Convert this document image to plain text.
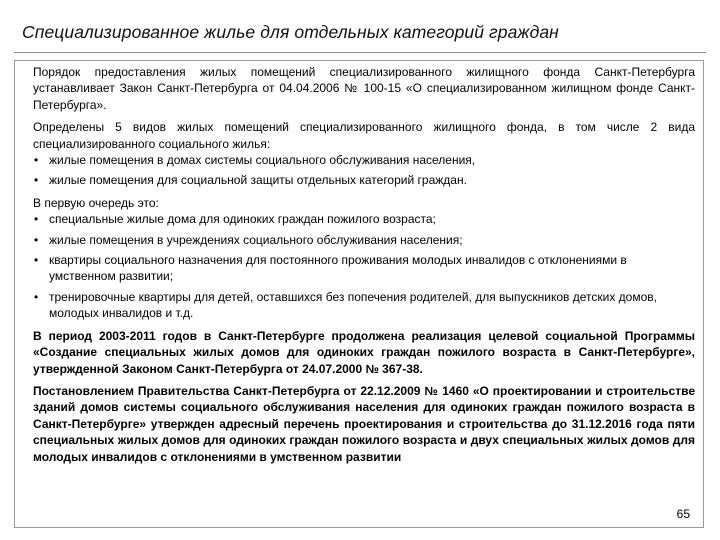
Специализированное жилье для отдельных категорий граждан

Порядок предоставления жилых помещений специализированного жилищного фонда Санкт-Петербурга устанавливает Закон Санкт-Петербурга от 04.04.2006 № 100-15 «О специализированном жилищном фонде Санкт-Петербурга».

Определены 5 видов жилых помещений специализированного жилищного фонда, в том числе 2 вида специализированного социального жилья:

• жилые помещения в домах системы социального обслуживания населения,
• жилые помещения для социальной защиты отдельных категорий граждан.

В первую очередь это:

• специальные жилые дома для одиноких граждан пожилого возраста;
• жилые помещения в учреждениях социального обслуживания населения;
• квартиры социального назначения для постоянного проживания молодых инвалидов с отклонениями в умственном развитии;
• тренировочные квартиры для детей, оставшихся без попечения родителей, для выпускников детских домов, молодых инвалидов и т.д.

В период 2003-2011 годов в Санкт-Петербурге продолжена реализация целевой социальной Программы «Создание специальных жилых домов для одиноких граждан пожилого возраста в Санкт-Петербурге», утвержденной Законом Санкт-Петербурга от 24.07.2000 № 367-38.

Постановлением Правительства Санкт-Петербурга от 22.12.2009 № 1460 «О проектировании и строительстве зданий домов системы социального обслуживания населения для одиноких граждан пожилого возраста в Санкт-Петербурге» утвержден адресный перечень проектирования и строительства до 31.12.2016 года пяти специальных жилых домов для одиноких граждан пожилого возраста и двух специальных жилых домов для молодых инвалидов с отклонениями в умственном развитии

65
